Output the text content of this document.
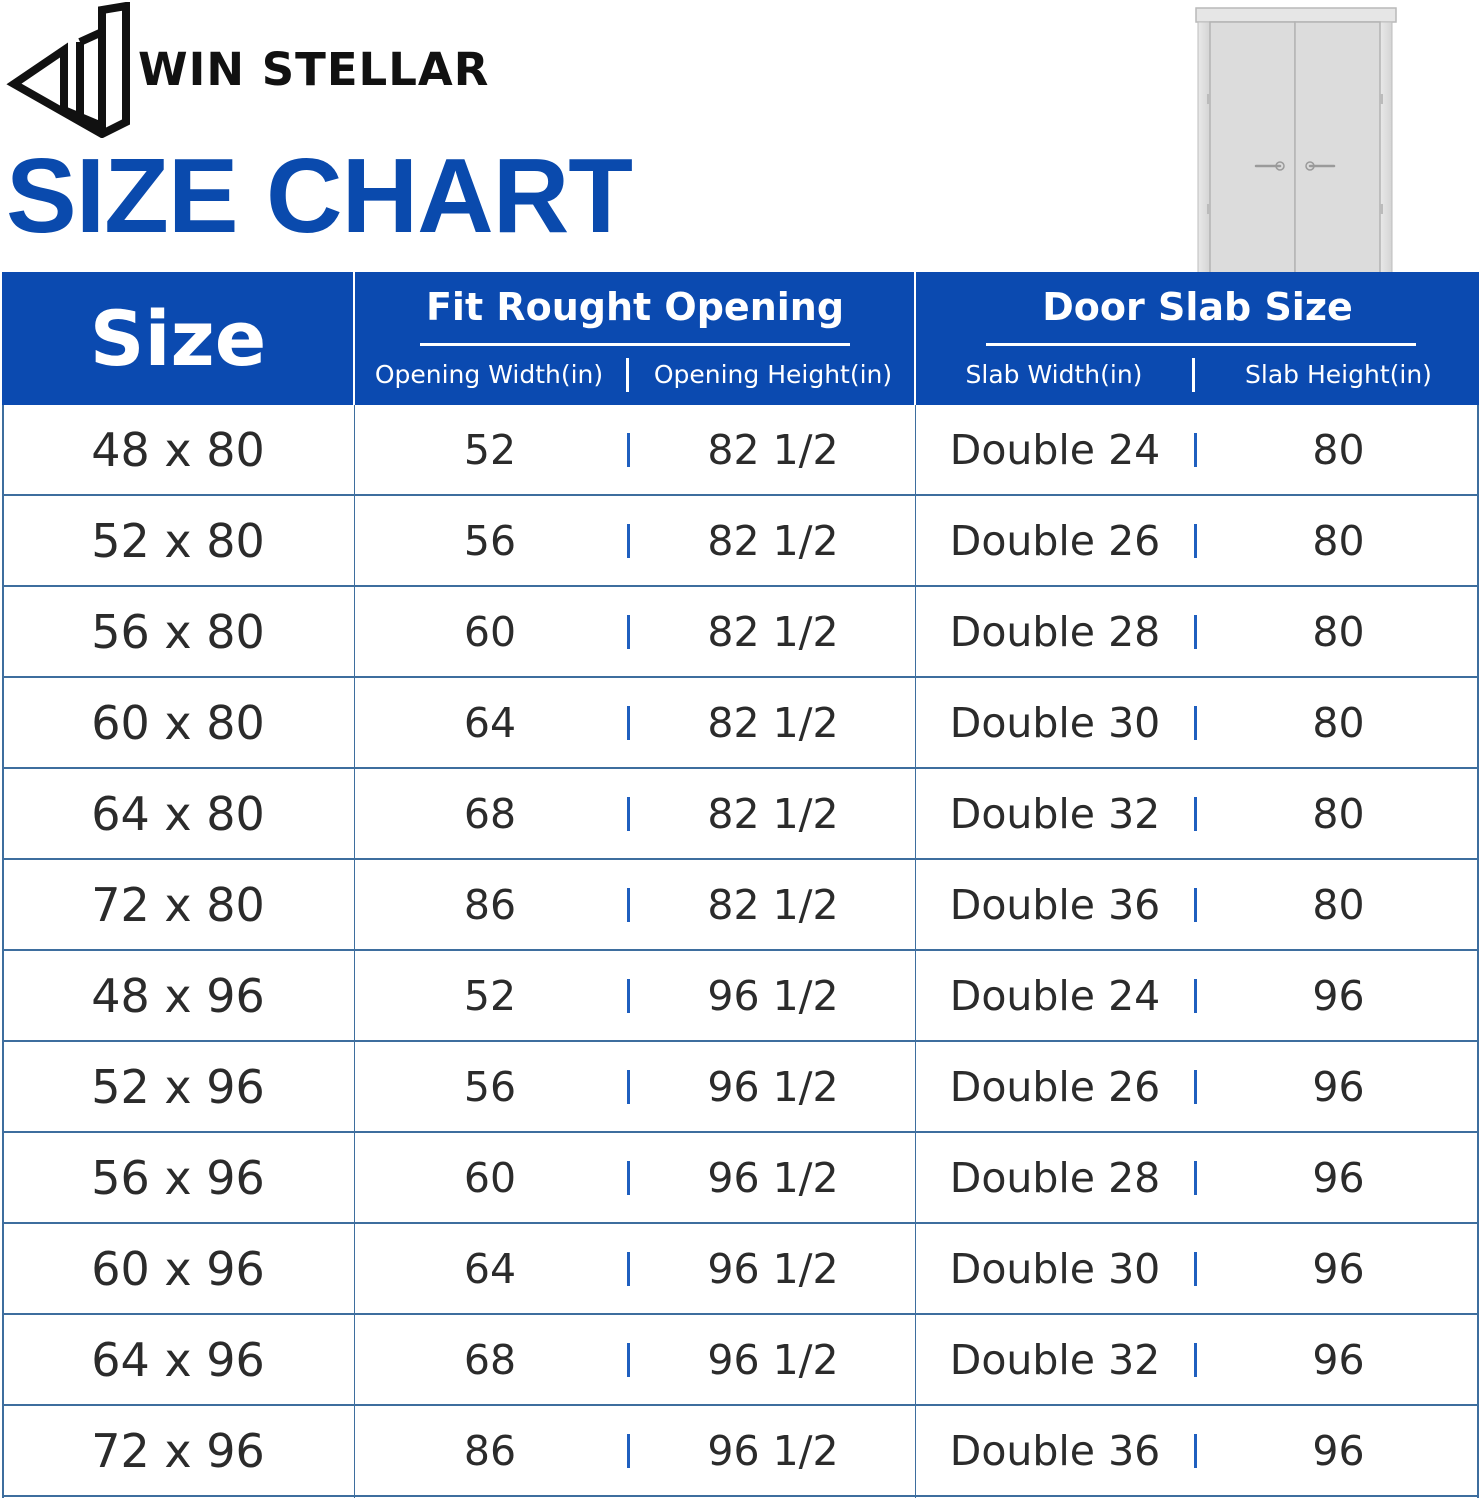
WIN STELLAR
SIZE CHART
Size	Fit Rought Opening
Opening Width(in)	Opening Height(in)
Door Slab Size
Slab Width(in)	Slab Height(in)
48 x 80	52	82 1/2	Double 24	80
52 x 80	56	82 1/2	Double 26	80
56 x 80	60	82 1/2	Double 28	80
60 x 80	64	82 1/2	Double 30	80
64 x 80	68	82 1/2	Double 32	80
72 x 80	86	82 1/2	Double 36	80
48 x 96	52	96 1/2	Double 24	96
52 x 96	56	96 1/2	Double 26	96
56 x 96	60	96 1/2	Double 28	96
60 x 96	64	96 1/2	Double 30	96
64 x 96	68	96 1/2	Double 32	96
72 x 96	86	96 1/2	Double 36	96
